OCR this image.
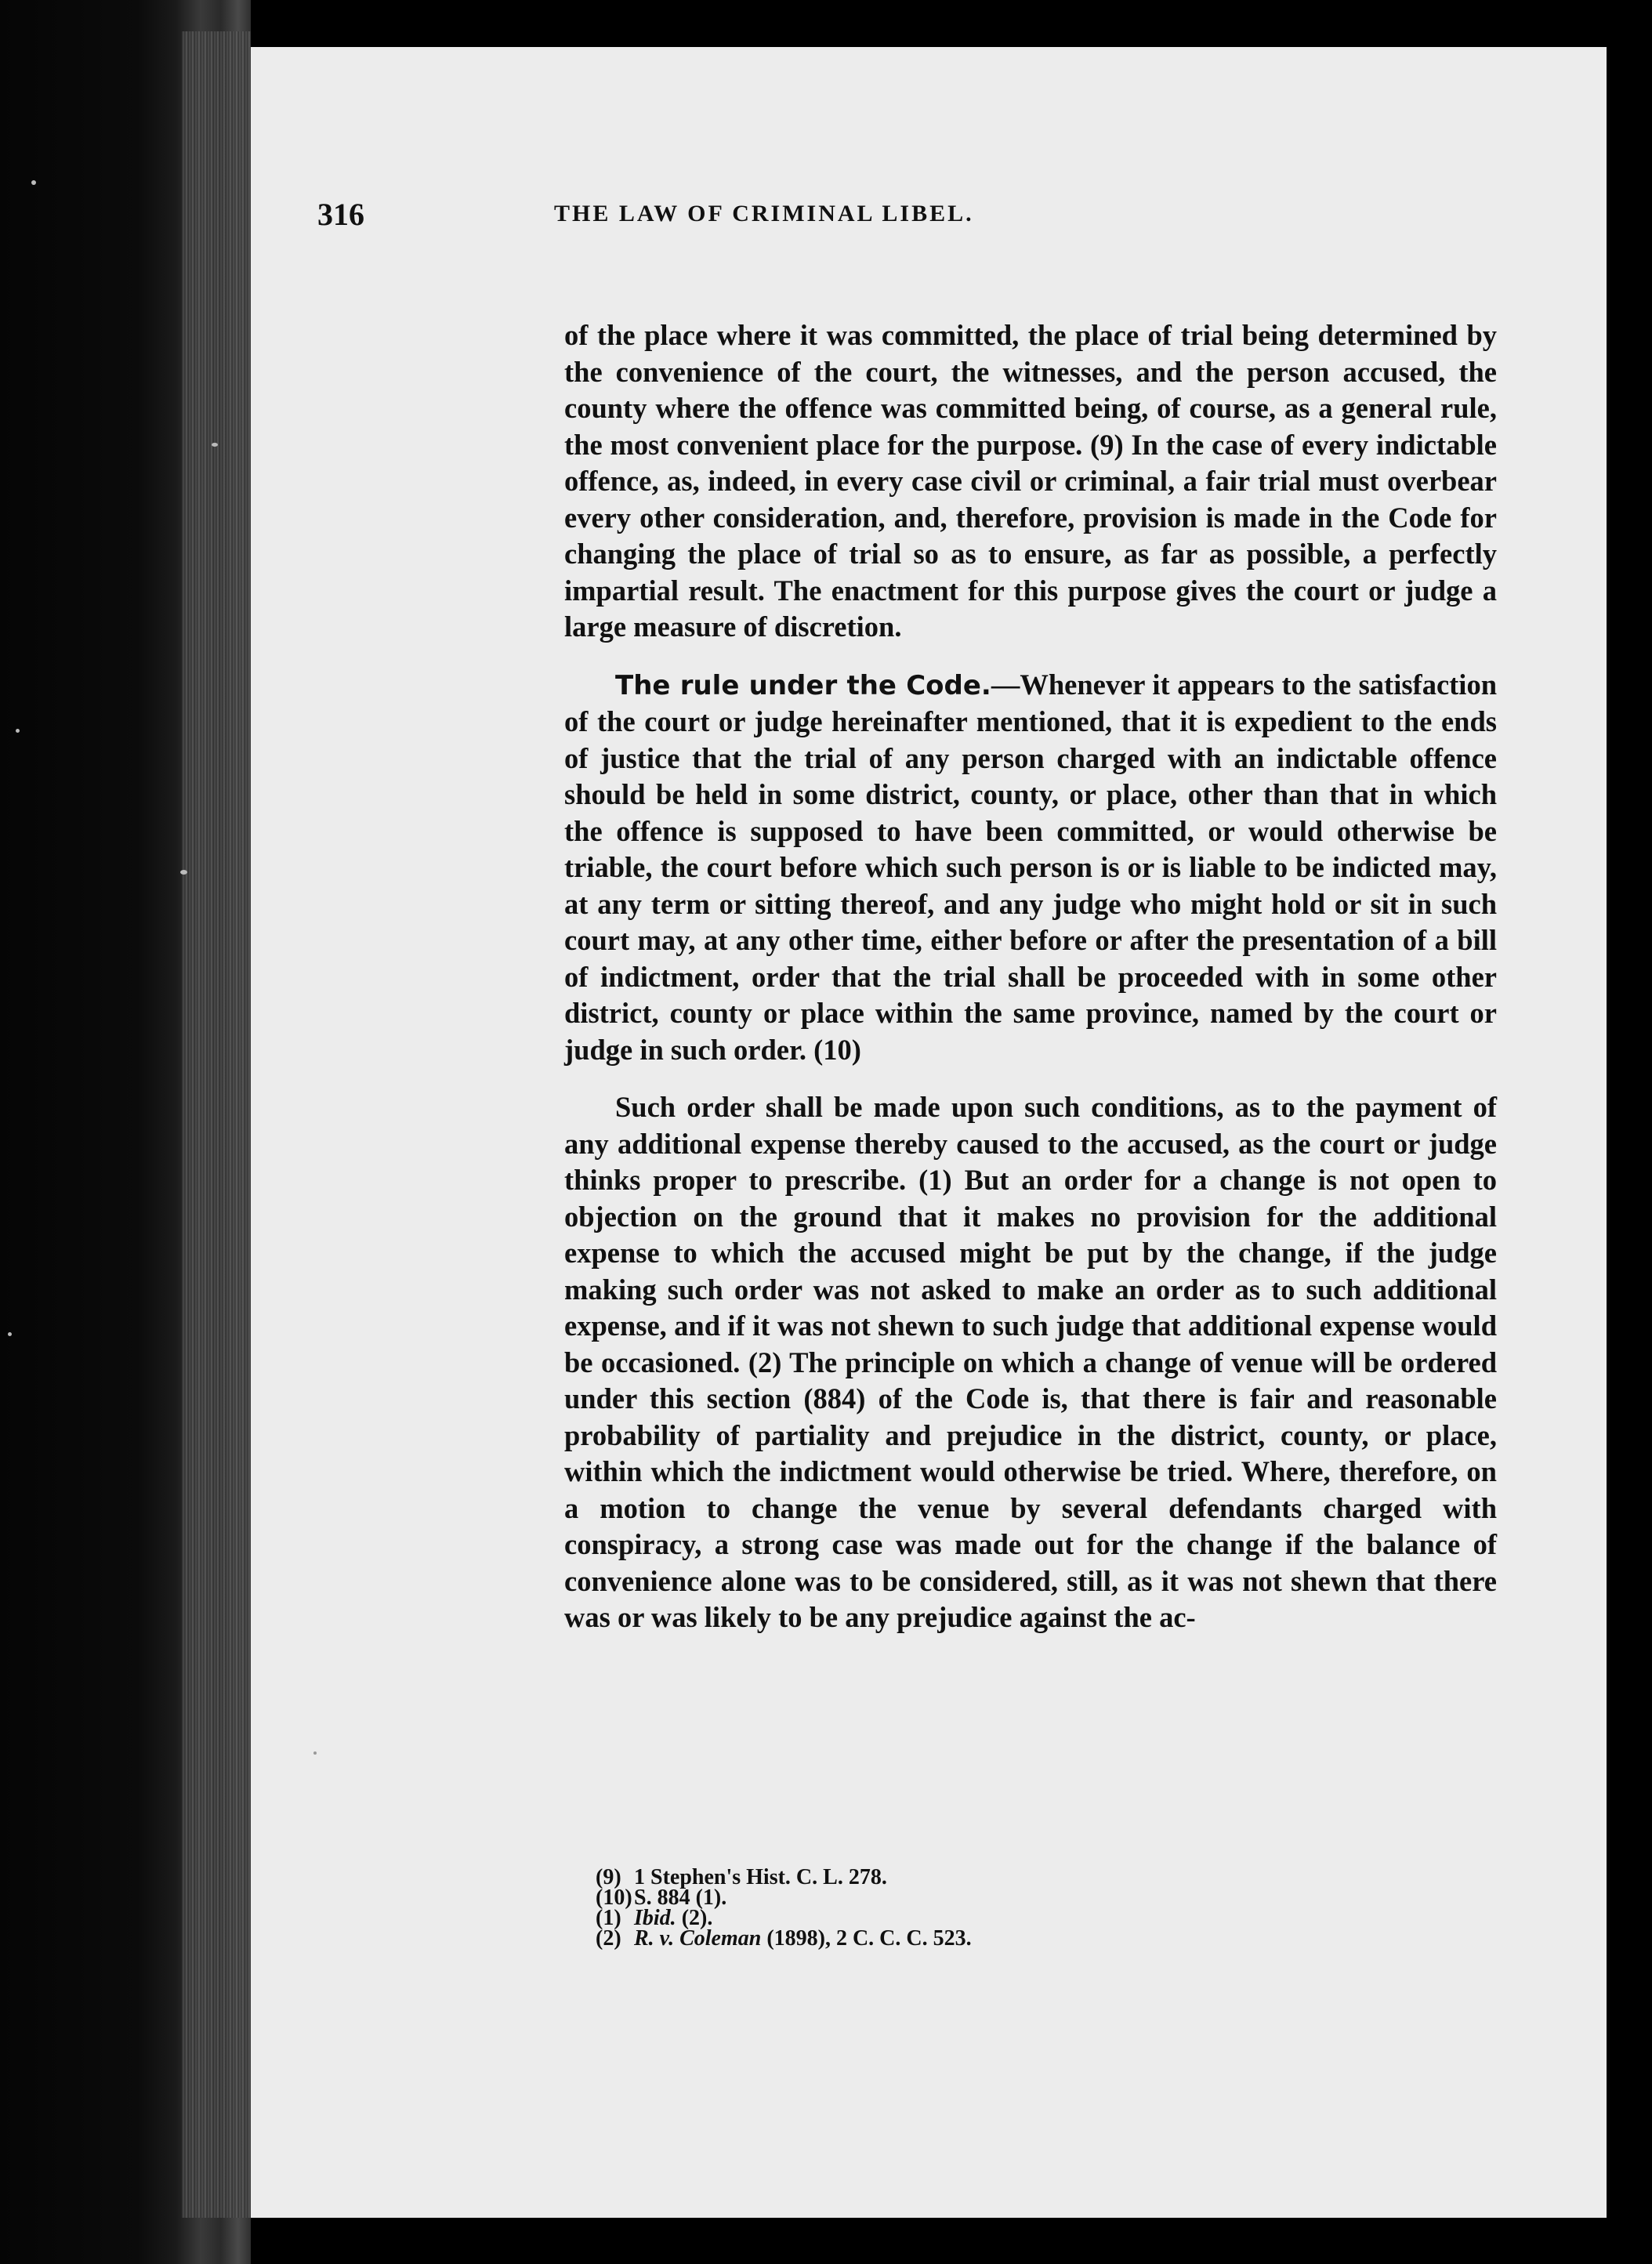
316	THE LAW OF CRIMINAL LIBEL.

of the place where it was committed, the place of trial being determined by the convenience of the court, the witnesses, and the person accused, the county where the offence was committed being, of course, as a general rule, the most convenient place for the purpose. (9) In the case of every indictable offence, as, indeed, in every case civil or criminal, a fair trial must overbear every other consideration, and, therefore, provision is made in the Code for changing the place of trial so as to ensure, as far as possible, a perfectly impartial result. The enactment for this purpose gives the court or judge a large measure of discretion.

The rule under the Code.—Whenever it appears to the satisfaction of the court or judge hereinafter mentioned, that it is expedient to the ends of justice that the trial of any person charged with an indictable offence should be held in some district, county, or place, other than that in which the offence is supposed to have been committed, or would otherwise be triable, the court before which such person is or is liable to be indicted may, at any term or sitting thereof, and any judge who might hold or sit in such court may, at any other time, either before or after the presentation of a bill of indictment, order that the trial shall be proceeded with in some other district, county or place within the same province, named by the court or judge in such order. (10)

Such order shall be made upon such conditions, as to the payment of any additional expense thereby caused to the accused, as the court or judge thinks proper to prescribe. (1) But an order for a change is not open to objection on the ground that it makes no provision for the additional expense to which the accused might be put by the change, if the judge making such order was not asked to make an order as to such additional expense, and if it was not shewn to such judge that additional expense would be occasioned. (2) The principle on which a change of venue will be ordered under this section (884) of the Code is, that there is fair and reasonable probability of partiality and prejudice in the district, county, or place, within which the indictment would otherwise be tried. Where, therefore, on a motion to change the venue by several defendants charged with conspiracy, a strong case was made out for the change if the balance of convenience alone was to be considered, still, as it was not shewn that there was or was likely to be any prejudice against the ac-

(9) 1 Stephen's Hist. C. L. 278.
(10) S. 884 (1).
(1) Ibid. (2).
(2) R. v. Coleman (1898), 2 C. C. C. 523.
